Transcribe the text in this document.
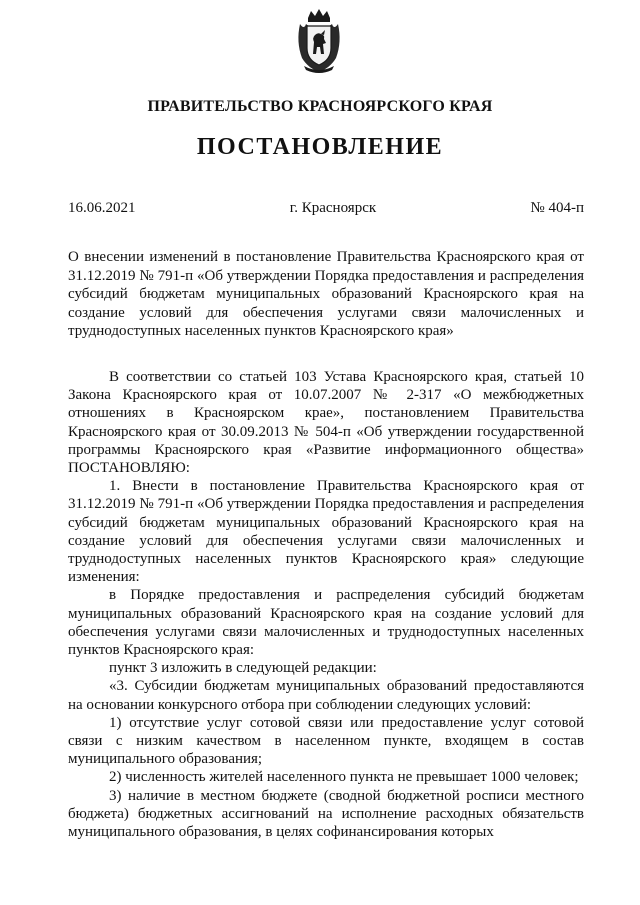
ПРАВИТЕЛЬСТВО КРАСНОЯРСКОГО КРАЯ
ПОСТАНОВЛЕНИЕ
16.06.2021	г. Красноярск	№ 404-п
О внесении изменений в постановление Правительства Красноярского края от 31.12.2019 № 791-п «Об утверждении Порядка предоставления и распределения субсидий бюджетам муниципальных образований Красноярского края на создание условий для обеспечения услугами связи малочисленных и труднодоступных населенных пунктов Красноярского края»

В соответствии со статьей 103 Устава Красноярского края, статьей 10 Закона Красноярского края от 10.07.2007 № 2-317 «О межбюджетных отношениях в Красноярском крае», постановлением Правительства Красноярского края от 30.09.2013 № 504-п «Об утверждении государственной программы Красноярского края «Развитие информационного общества» ПОСТАНОВЛЯЮ:

1. Внести в постановление Правительства Красноярского края от 31.12.2019 № 791-п «Об утверждении Порядка предоставления и распределения субсидий бюджетам муниципальных образований Красноярского края на создание условий для обеспечения услугами связи малочисленных и труднодоступных населенных пунктов Красноярского края» следующие изменения:

в Порядке предоставления и распределения субсидий бюджетам муниципальных образований Красноярского края на создание условий для обеспечения услугами связи малочисленных и труднодоступных населенных пунктов Красноярского края:

пункт 3 изложить в следующей редакции:

«3. Субсидии бюджетам муниципальных образований предоставляются на основании конкурсного отбора при соблюдении следующих условий:

1) отсутствие услуг сотовой связи или предоставление услуг сотовой связи с низким качеством в населенном пункте, входящем в состав муниципального образования;

2) численность жителей населенного пункта не превышает 1000 человек;

3) наличие в местном бюджете (сводной бюджетной росписи местного бюджета) бюджетных ассигнований на исполнение расходных обязательств муниципального образования, в целях софинансирования которых
